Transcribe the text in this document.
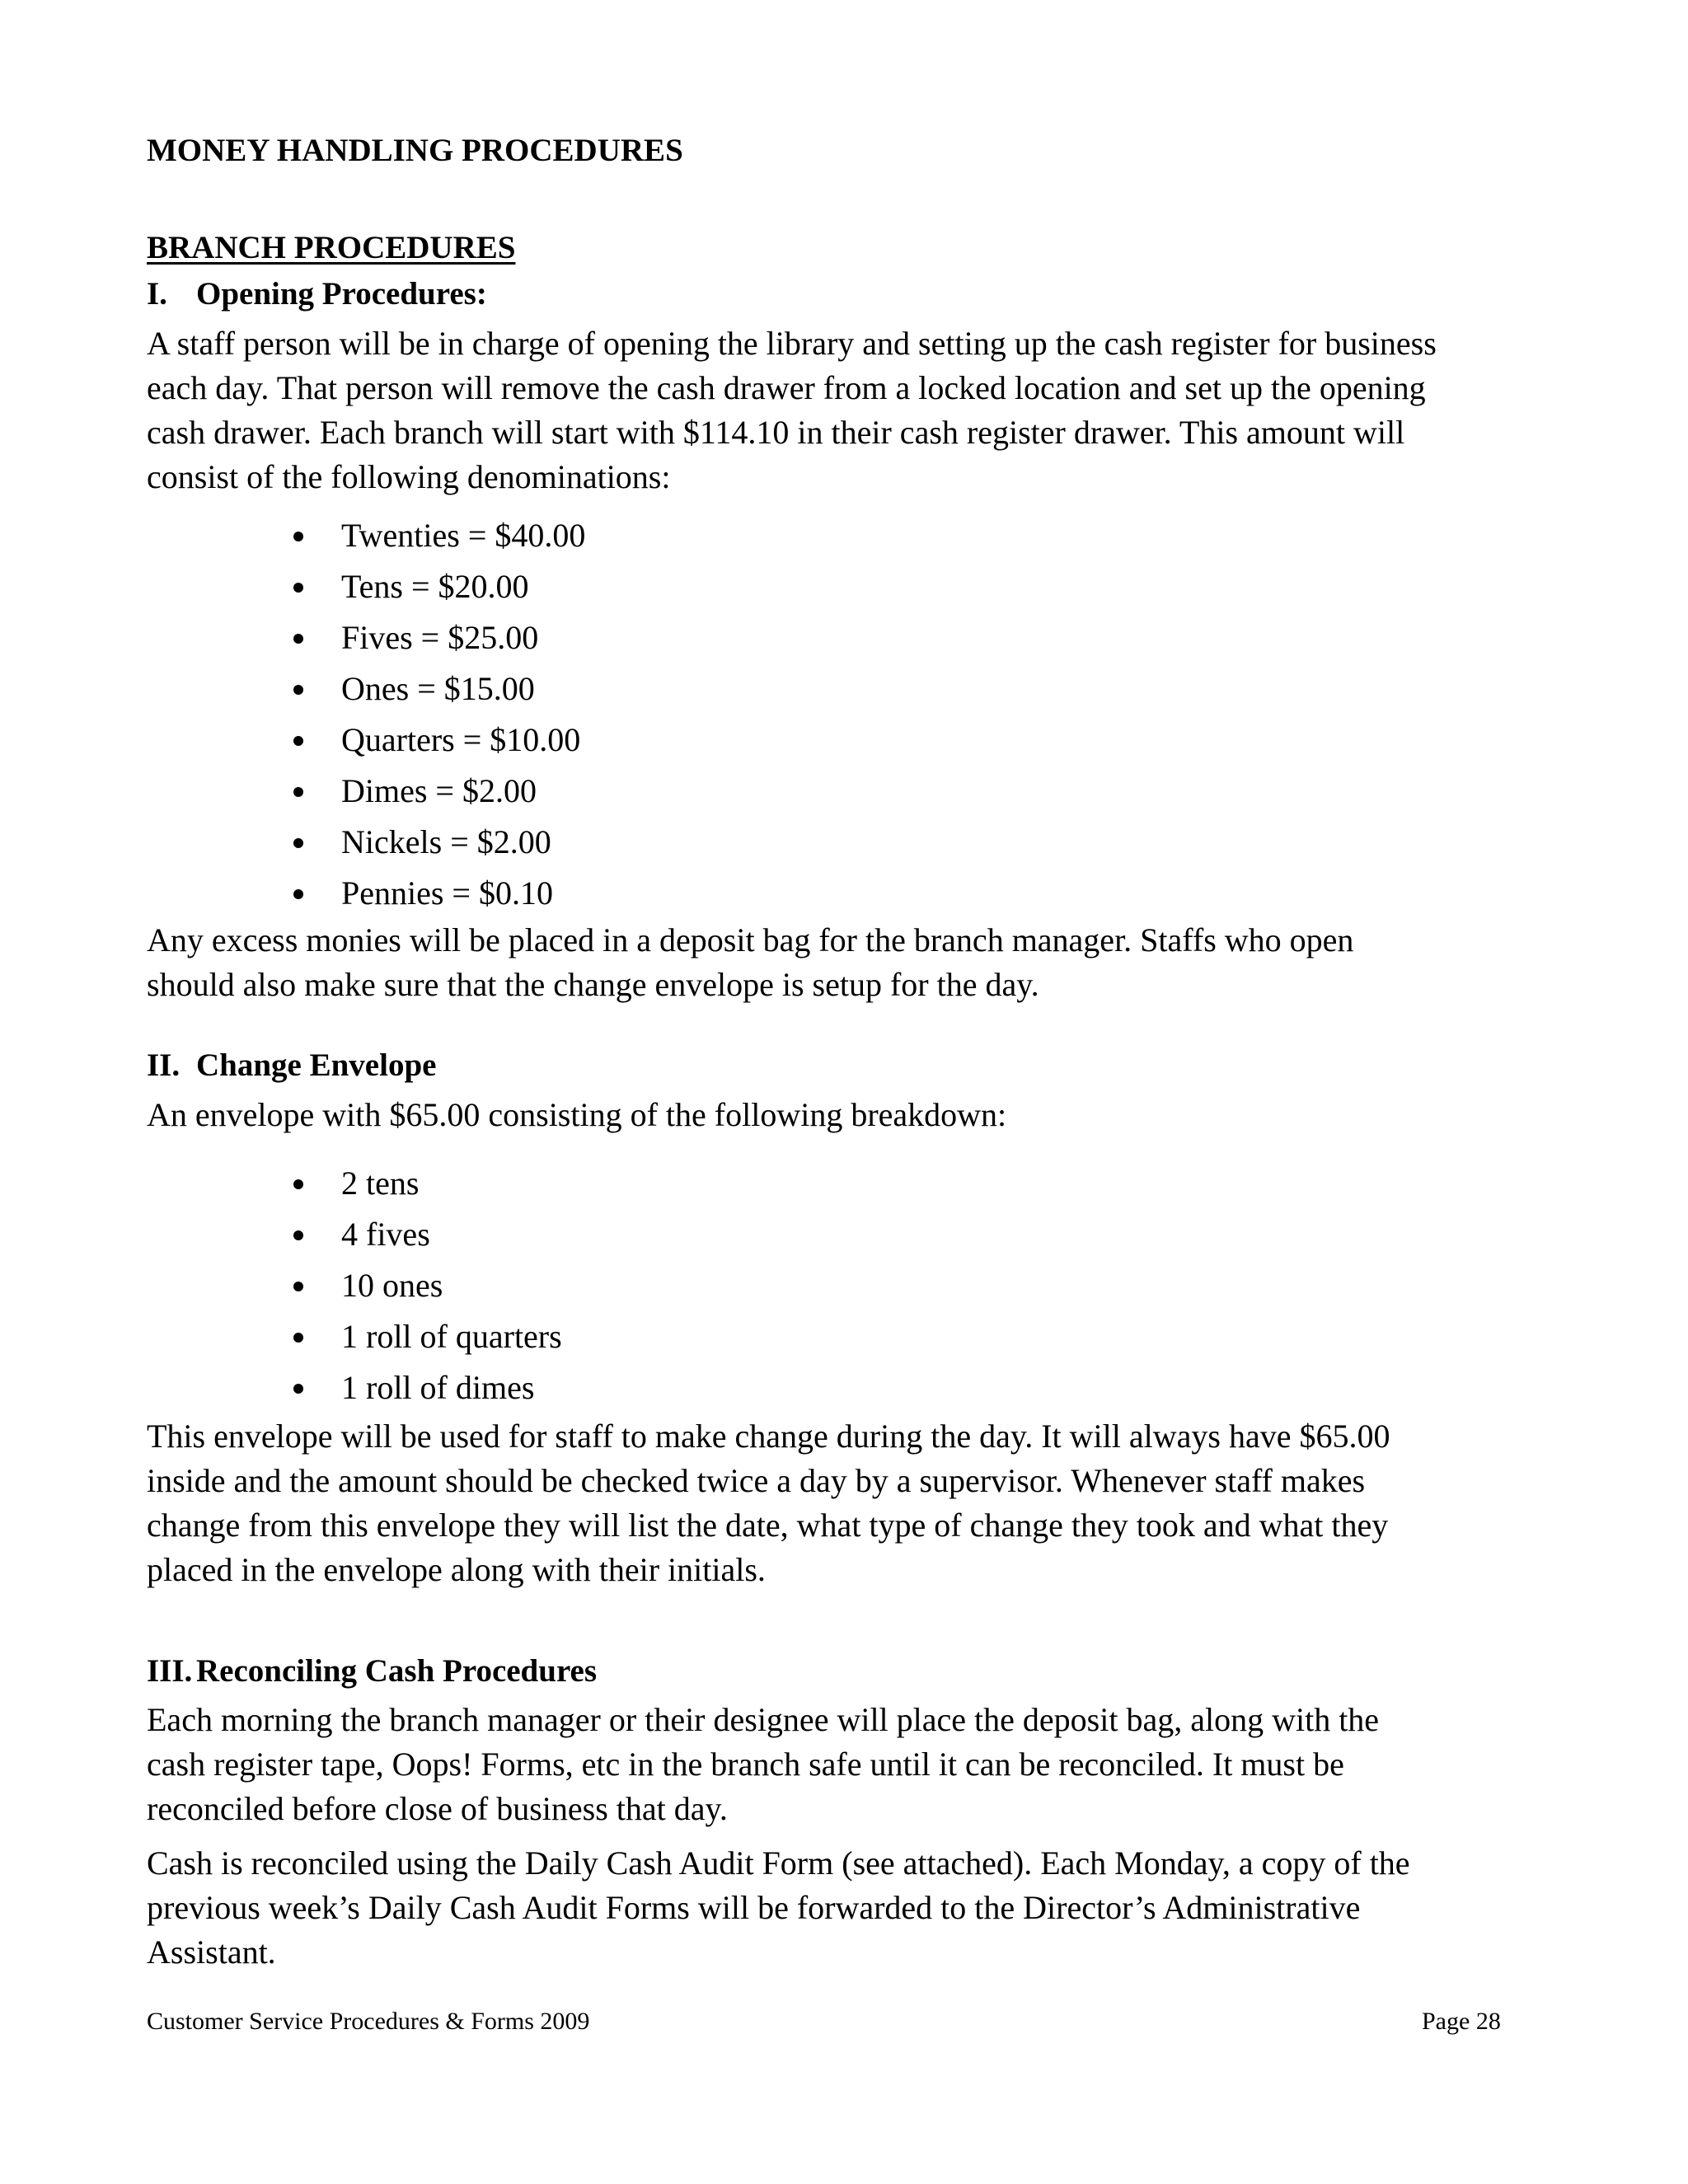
MONEY HANDLING PROCEDURES
BRANCH PROCEDURES
I. Opening Procedures:
A staff person will be in charge of opening the library and setting up the cash register for business
each day. That person will remove the cash drawer from a locked location and set up the opening
cash drawer. Each branch will start with $114.10 in their cash register drawer. This amount will
consist of the following denominations:
Twenties = $40.00
Tens = $20.00
Fives = $25.00
Ones = $15.00
Quarters = $10.00
Dimes = $2.00
Nickels = $2.00
Pennies = $0.10
Any excess monies will be placed in a deposit bag for the branch manager. Staffs who open
should also make sure that the change envelope is setup for the day.
II. Change Envelope
An envelope with $65.00 consisting of the following breakdown:
2 tens
4 fives
10 ones
1 roll of quarters
1 roll of dimes
This envelope will be used for staff to make change during the day. It will always have $65.00
inside and the amount should be checked twice a day by a supervisor. Whenever staff makes
change from this envelope they will list the date, what type of change they took and what they
placed in the envelope along with their initials.
III. Reconciling Cash Procedures
Each morning the branch manager or their designee will place the deposit bag, along with the
cash register tape, Oops! Forms, etc in the branch safe until it can be reconciled. It must be
reconciled before close of business that day.
Cash is reconciled using the Daily Cash Audit Form (see attached). Each Monday, a copy of the
previous week’s Daily Cash Audit Forms will be forwarded to the Director’s Administrative
Assistant.
Customer Service Procedures & Forms 2009	Page 28
